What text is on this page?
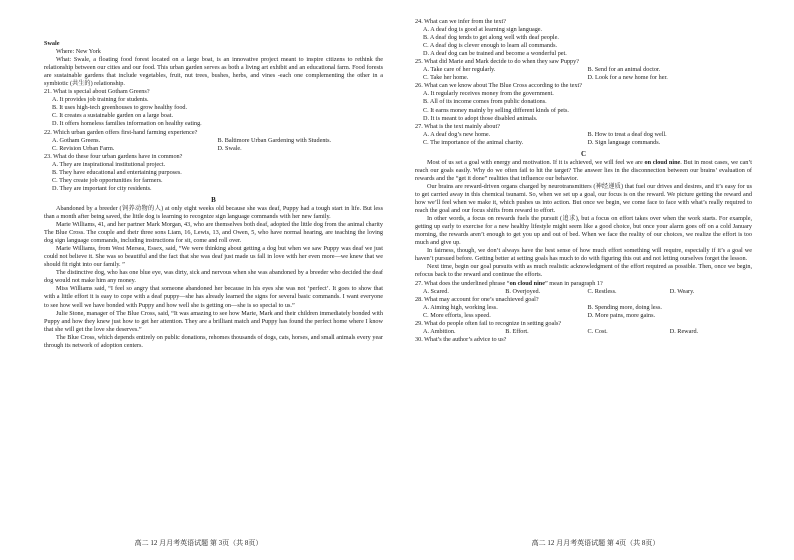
Swale

Where: New York

What: Swale, a floating food forest located on a large boat, is an innovative project meant to inspire citizens to rethink the relationship between our cities and our food. This urban garden serves as both a living art exhibit and an educational farm. Food forests are sustainable gardens that include vegetables, fruit, nut trees, bushes, herbs, and vines -each one complementing the other in a symbiotic (共生的) relationship.

21. What is special about Gotham Greens?

A. It provides job training for students.

B. It uses high-tech greenhouses to grow healthy food.

C. It creates a sustainable garden on a large boat.

D. It offers homeless families information on healthy eating.

22. Which urban garden offers first-hand farming experience?

A. Gotham Greens.	B. Baltimore Urban Gardening with Students.
C. Revision Urban Farm.	D. Swale.

23. What do these four urban gardens have in common?

A. They are inspirational institutional project.

B. They have educational and entertaining purposes.

C. They create job opportunities for farmers.

D. They are important for city residents.

B

Abandoned by a breeder (饲养动物的人) at only eight weeks old because she was deaf, Puppy had a tough start in life. But less than a month after being saved, the little dog is learning to recognize sign language commands with her new family.

Marie Williams, 41, and her partner Mark Morgan, 43, who are themselves both deaf, adopted the little dog from the animal charity The Blue Cross. The couple and their three sons Liam, 16, Lewis, 13, and Owen, 5, who have normal hearing, are teaching the loving dog sign language commands, including instructions for sit, come and roll over.

Marie Williams, from West Mersea, Essex, said, “We were thinking about getting a dog but when we saw Puppy was deaf we just could not believe it. She was so beautiful and the fact that she was deaf just made us fall in love with her even more—we knew that we should fit right into our family. ”

The distinctive dog, who has one blue eye, was dirty, sick and nervous when she was abandoned by a breeder who decided the deaf dog would not make him any money.

Miss Williams said, “I feel so angry that someone abandoned her because in his eyes she was not ‘perfect’. It goes to show that with a little effort it is easy to cope with a deaf puppy—she has already learned the signs for several basic commands. I want everyone to see how well we have bonded with Puppy and how well she is getting on—she is so special to us.”

Julie Stone, manager of The Blue Cross, said, “It was amazing to see how Marie, Mark and their children immediately bonded with Puppy and how they knew just how to get her attention. They are a brilliant match and Puppy has found the perfect home where I know that she will get the love she deserves.”

The Blue Cross, which depends entirely on public donations, rehomes thousands of dogs, cats, horses, and small animals every year through its network of adoption centers.

高二 12 月月考英语试题 第 3页（共 8页）

24. What can we infer from the text?

A. A deaf dog is good at learning sign language.

B. A deaf dog tends to get along well with deaf people.

C. A deaf dog is clever enough to learn all commands.

D. A deaf dog can be trained and become a wonderful pet.

25. What did Marie and Mark decide to do when they saw Puppy?

A. Take care of her regularly.	B. Send for an animal doctor.
C. Take her home.	D. Look for a new home for her.

26. What can we know about The Blue Cross according to the text?

A. It regularly receives money from the government.

B. All of its income comes from public donations.

C. It earns money mainly by selling different kinds of pets.

D. It is meant to adopt those disabled animals.

27. What is the text mainly about?

A. A deaf dog’s new home.	B. How to treat a deaf dog well.
C. The importance of the animal charity.	D. Sign language commands.

C

Most of us set a goal with energy and motivation. If it is achieved, we will feel we are on cloud nine. But in most cases, we can’t reach our goals easily. Why do we often fail to hit the target? The answer lies in the disconnection between our brains’ evaluation of rewards and the “get it done” realities that influence our behavior.

Our brains are reward-driven organs charged by neurotransmitters (神经递质) that fuel our drives and desires, and it’s easy for us to get carried away in this chemical tsunami. So, when we set up a goal, our focus is on the reward. We picture getting the reward and how we’ll feel when we make it, which pushes us into action. But once we begin, we come face to face with what’s really required to reach the goal and our focus shifts from reward to effort.

In other words, a focus on rewards fuels the pursuit (追求), but a focus on effort takes over when the work starts. For example, getting up early to exercise for a new healthy lifestyle might seem like a good choice, but once your alarm goes off on a cold January morning, the rewards aren’t enough to get you up and out of bed. When we face the reality of our choices, we realize the effort is too much and give up.

In fairness, though, we don’t always have the best sense of how much effort something will require, especially if it’s a goal we haven’t pursued before. Getting better at setting goals has much to do with figuring this out and not letting ourselves forget the lesson.

Next time, begin our goal pursuits with as much realistic acknowledgment of the effort required as possible. Then, once we begin, refocus back to the reward and continue the efforts.

27. What does the underlined phrase “on cloud nine” mean in paragraph 1?

A. Scared.	B. Overjoyed.	C. Restless.	D. Weary.

28. What may account for one’s unachieved goal?

A. Aiming high, working less.	B. Spending more, doing less.
C. More efforts, less speed.	D. More pains, more gains.

29. What do people often fail to recognize in setting goals?

A. Ambition.	B. Effort.	C. Cost.	D. Reward.

30. What’s the author’s advice to us?

高二 12 月月考英语试题 第 4页（共 8页）
